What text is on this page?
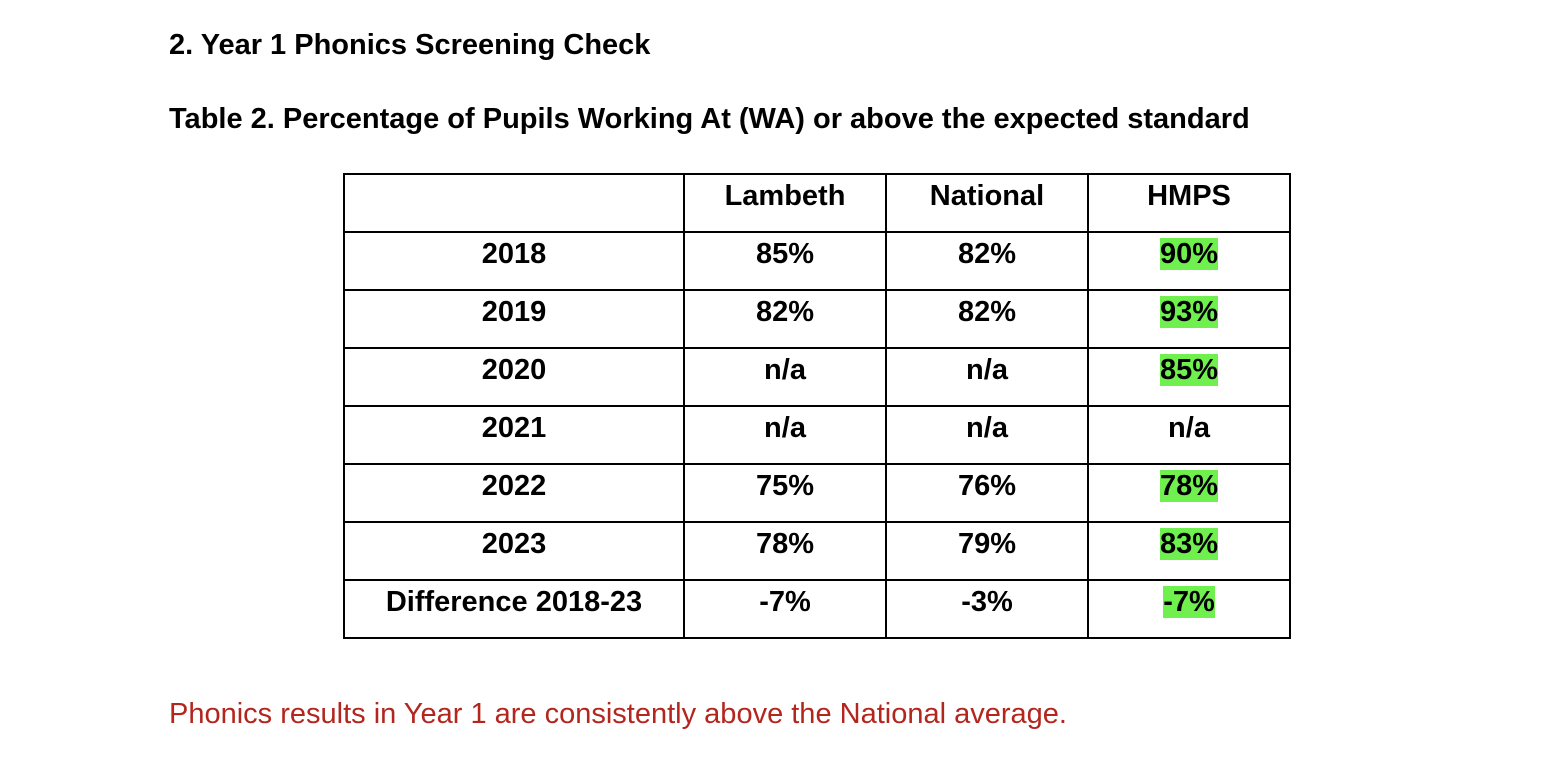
2. Year 1 Phonics Screening Check
Table 2. Percentage of Pupils Working At (WA) or above the expected standard
	Lambeth	National	HMPS
2018	85%	82%	90%
2019	82%	82%	93%
2020	n/a	n/a	85%
2021	n/a	n/a	n/a
2022	75%	76%	78%
2023	78%	79%	83%
Difference 2018-23	-7%	-3%	-7%
Phonics results in Year 1 are consistently above the National average.
